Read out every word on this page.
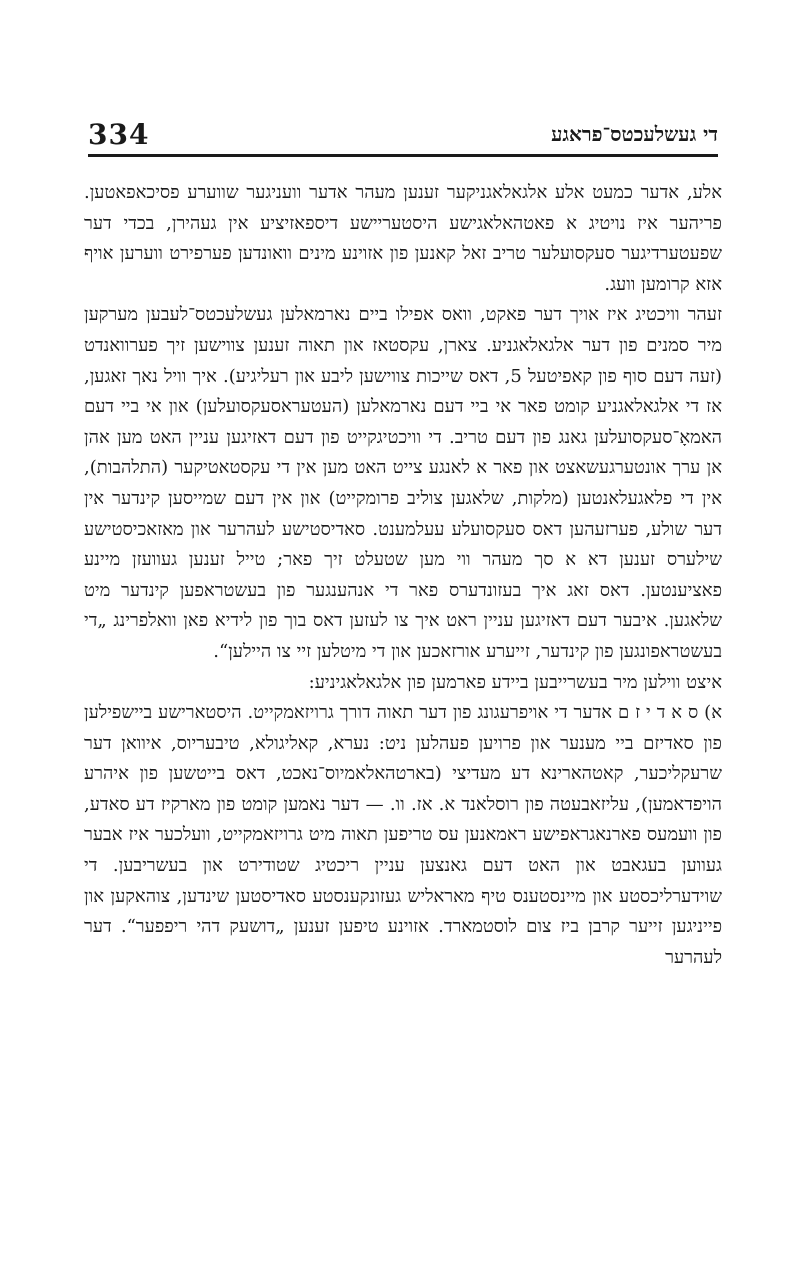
334	די געשלעכטס־פראגע

אלע, אדער כמעט אלע אלגאלאגניקער זענען מעהר אדער וועניגער שווערע פסיכאפאטען. פריהער איז נויטיג א פאטהאלאגישע היסטעריישע דיספאזיציע אין געהירן, בכדי דער שפעטערדיגער סעקסועלער טריב זאל קאנען פון אזוינע מינים וואונדען פערפירט ווערען אויף אזא קרומען וועג.

זעהר וויכטיג איז אויך דער פאקט, וואס אפילו ביים נארמאלען געשלעכטס־לעבען מערקען מיר סמנים פון דער אלגאלאגניע. צארן, עקסטאז און תאוה זענען צווישען זיך פערוואנדט (זעה דעם סוף פון קאפיטעל 5, דאס שייכות צווישען ליבע און רעליגיע). איך וויל נאך זאגען, אז די אלגאלאגניע קומט פאר אי ביי דעם נארמאלען (העטעראסעקסועלען) און אי ביי דעם האמאָ־סעקסועלען גאנג פון דעם טריב. די וויכטיגקייט פון דעם דאזיגען עניין האט מען אהן אן ערך אונטערגעשאצט און פאר א לאנגע צייט האט מען אין די עקסטאטיקער (התלהבות), אין די פלאגעלאנטען (מלקות, שלאגען צוליב פרומקייט) און אין דעם שמייסען קינדער אין דער שולע, פערזעהען דאס סעקסועלע עעלמענט. סאדיסטישע לעהרער און מאזאכיסטישע שילערס זענען דא א סך מעהר ווי מען שטעלט זיך פאר; טייל זענען געוועזן מיינע פאציענטען. דאס זאג איך בעזונדערס פאר די אנהענגער פון בעשטראפען קינדער מיט שלאגען. איבער דעם דאזיגען עניין ראט איך צו לעזען דאס בוך פון לידיא פאן וואלפרינג „די בעשטראפונגען פון קינדער, זייערע אורזאכען און די מיטלען זיי צו היילען“.

איצט ווילען מיר בעשרייבען ביידע פארמען פון אלגאלאגיניע:

א) ס א ד י ז ם אדער די אויפרעגונג פון דער תאוה דורך גרויזאמקייט. היסטארישע ביישפילען פון סאדיזם ביי מענער און פרויען פעהלען ניט: נערא, קאליגולא, טיבעריוס, איוואן דער שרעקליכער, קאטהארינא דע מעדיצי (בארטהאלאמיוס־נאכט, דאס בייטשען פון איהרע הויפדאמען), עליזאבעטה פון רוסלאנד א. אז. וו. — דער נאמען קומט פון מארקיז דע סאדע, פון וועמעס פארנאגראפישע ראמאנען עס טריפען תאוה מיט גרויזאמקייט, וועלכער איז אבער געווען בעגאבט און האט דעם גאנצען עניין ריכטיג שטודירט און בעשריבען. די שוידערליכסטע און מיינסטענס טיף מאראליש געזונקענסטע סאדיסטען שינדען, צוהאקען און פייניגען זייער קרבן ביז צום לוסטמארד. אזוינע טיפען זענען „דושעק דהי ריפפער“. דער לעהרער
